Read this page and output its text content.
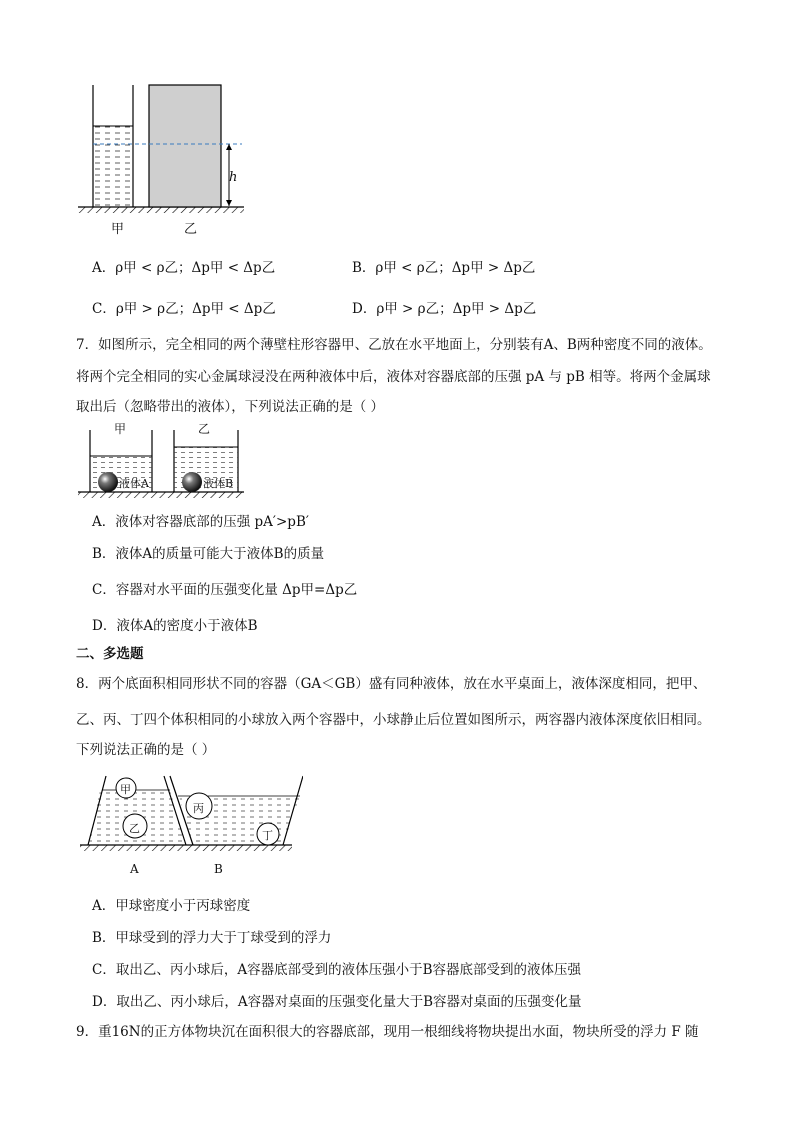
h
甲	乙
A．ρ甲 < ρ乙；Δp甲 < Δp乙	B．ρ甲 < ρ乙；Δp甲 > Δp乙
C．ρ甲 > ρ乙；Δp甲 < Δp乙	D．ρ甲 > ρ乙；Δp甲 > Δp乙
7．如图所示，完全相同的两个薄壁柱形容器甲、乙放在水平地面上，分别装有A、B两种密度不同的液体。
将两个完全相同的实心金属球浸没在两种液体中后，液体对容器底部的压强 pA 与 pB 相等。将两个金属球
取出后（忽略带出的液体），下列说法正确的是（ ）
甲	乙
液体A	液体B
A．液体对容器底部的压强 pA′>pB′
B．液体A的质量可能大于液体B的质量
C．容器对水平面的压强变化量 Δp甲=Δp乙
D．液体A的密度小于液体B
二、多选题
8．两个底面积相同形状不同的容器（GA＜GB）盛有同种液体，放在水平桌面上，液体深度相同，把甲、
乙、丙、丁四个体积相同的小球放入两个容器中，小球静止后位置如图所示，两容器内液体深度依旧相同。
下列说法正确的是（ ）
甲
乙
丙
丁
A	B
A．甲球密度小于丙球密度
B．甲球受到的浮力大于丁球受到的浮力
C．取出乙、丙小球后，A容器底部受到的液体压强小于B容器底部受到的液体压强
D．取出乙、丙小球后，A容器对桌面的压强变化量大于B容器对桌面的压强变化量
9．重16N的正方体物块沉在面积很大的容器底部，现用一根细线将物块提出水面，物块所受的浮力 F 随
